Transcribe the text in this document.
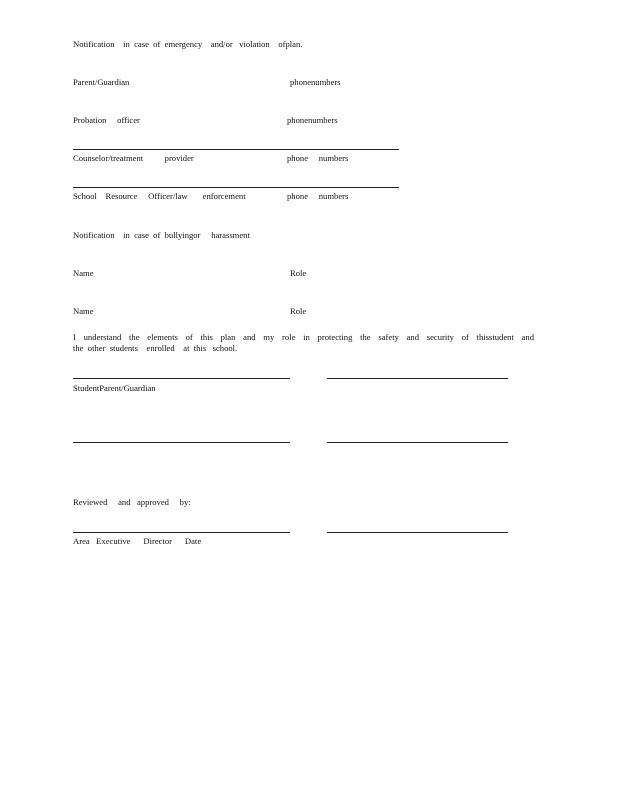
Notification    in  case  of  emergency    and/or   violation    ofplan.
Parent/Guardian	phonenumbers
Probation     officer	phonenumbers
Counselor/treatment          provider	phone     numbers
School    Resource     Officer/law       enforcement	phone     numbers
Notification    in  case  of  bullyingor     harassment
Name	Role
Name	Role
I understand the elements of this plan and my role in protecting the safety and security of thisstudent and
the  other  students    enrolled    at  this   school.
StudentParent/Guardian
Reviewed     and   approved     by:
Area   Executive      Director      Date
